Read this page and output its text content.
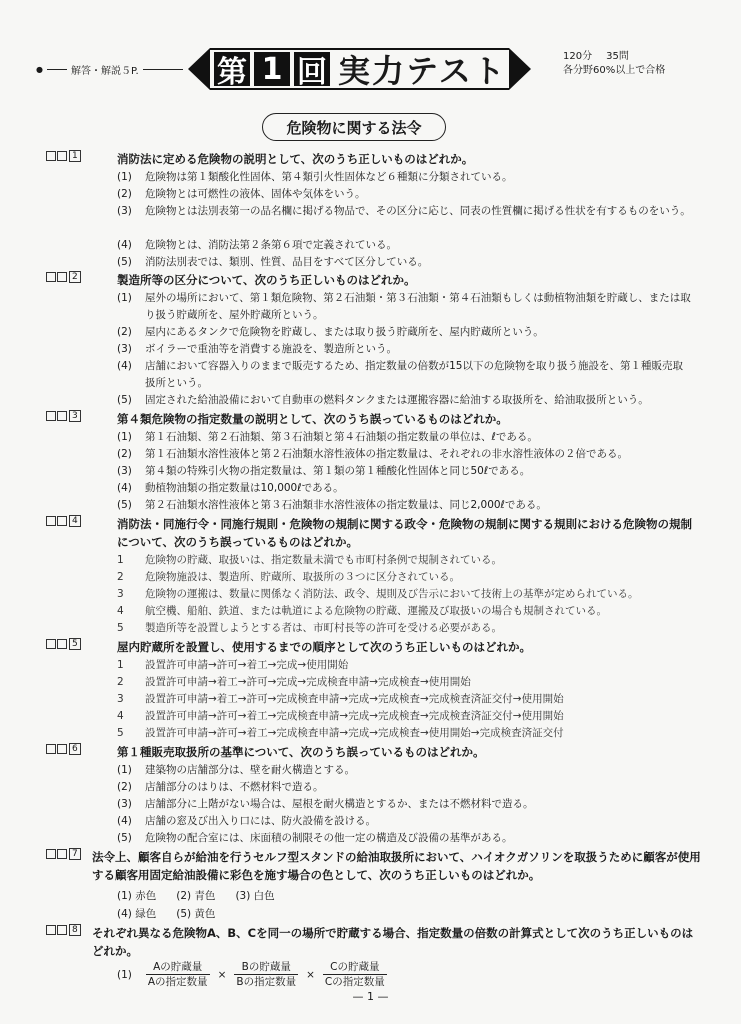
●	解答・解説５P.	第 1 回 実力テスト	120分 35問
各分野60%以上で合格
危険物に関する法令
1	消防法に定める危険物の説明として、次のうち正しいものはどれか。
(1) 危険物は第１類酸化性固体、第４類引火性固体など６種類に分類されている。
(2) 危険物とは可燃性の液体、固体や気体をいう。
(3) 危険物とは法別表第一の品名欄に掲げる物品で、その区分に応じ、同表の性質欄に掲げる性状を有するものをいう。
(4) 危険物とは、消防法第２条第６項で定義されている。
(5) 消防法別表では、類別、性質、品目をすべて区分している。
2	製造所等の区分について、次のうち正しいものはどれか。
(1) 屋外の場所において、第１類危険物、第２石油類・第３石油類・第４石油類もしくは動植物油類を貯蔵し、または取り扱う貯蔵所を、屋外貯蔵所という。
(2) 屋内にあるタンクで危険物を貯蔵し、または取り扱う貯蔵所を、屋内貯蔵所という。
(3) ボイラーで重油等を消費する施設を、製造所という。
(4) 店舗において容器入りのままで販売するため、指定数量の倍数が15以下の危険物を取り扱う施設を、第１種販売取扱所という。
(5) 固定された給油設備において自動車の燃料タンクまたは運搬容器に給油する取扱所を、給油取扱所という。
3	第４類危険物の指定数量の説明として、次のうち誤っているものはどれか。
(1) 第１石油類、第２石油類、第３石油類と第４石油類の指定数量の単位は、ℓである。
(2) 第１石油類水溶性液体と第２石油類水溶性液体の指定数量は、それぞれの非水溶性液体の２倍である。
(3) 第４類の特殊引火物の指定数量は、第１類の第１種酸化性固体と同じ50ℓである。
(4) 動植物油類の指定数量は10,000ℓである。
(5) 第２石油類水溶性液体と第３石油類非水溶性液体の指定数量は、同じ2,000ℓである。
4	消防法・同施行令・同施行規則・危険物の規制に関する政令・危険物の規制に関する規則における危険物の規制について、次のうち誤っているものはどれか。
1 危険物の貯蔵、取扱いは、指定数量未満でも市町村条例で規制されている。
2 危険物施設は、製造所、貯蔵所、取扱所の３つに区分されている。
3 危険物の運搬は、数量に関係なく消防法、政令、規則及び告示において技術上の基準が定められている。
4 航空機、船舶、鉄道、または軌道による危険物の貯蔵、運搬及び取扱いの場合も規制されている。
5 製造所等を設置しようとする者は、市町村長等の許可を受ける必要がある。
5	屋内貯蔵所を設置し、使用するまでの順序として次のうち正しいものはどれか。
1 設置許可申請→許可→着工→完成→使用開始
2 設置許可申請→着工→許可→完成→完成検査申請→完成検査→使用開始
3 設置許可申請→着工→許可→完成検査申請→完成→完成検査→完成検査済証交付→使用開始
4 設置許可申請→許可→着工→完成検査申請→完成→完成検査→完成検査済証交付→使用開始
5 設置許可申請→許可→着工→完成検査申請→完成→完成検査→使用開始→完成検査済証交付
6	第１種販売取扱所の基準について、次のうち誤っているものはどれか。
(1) 建築物の店舗部分は、壁を耐火構造とする。
(2) 店舗部分のはりは、不燃材料で造る。
(3) 店舗部分に上階がない場合は、屋根を耐火構造とするか、または不燃材料で造る。
(4) 店舗の窓及び出入り口には、防火設備を設ける。
(5) 危険物の配合室には、床面積の制限その他一定の構造及び設備の基準がある。
7 法令上、顧客自らが給油を行うセルフ型スタンドの給油取扱所において、ハイオクガソリンを取扱うために顧客が使用する顧客用固定給油設備に彩色を施す場合の色として、次のうち正しいものはどれか。
(1) 赤色 (2) 青色 (3) 白色
(4) 緑色 (5) 黄色
8 それぞれ異なる危険物A、B、Cを同一の場所で貯蔵する場合、指定数量の倍数の計算式として次のうち正しいものはどれか。
$(1) \frac{\text{Aの貯蔵量}}{\text{Aの指定数量}} \times \frac{\text{Bの貯蔵量}}{\text{Bの指定数量}} \times \frac{\text{Cの貯蔵量}}{\text{Cの指定数量}}$
— 1 —
